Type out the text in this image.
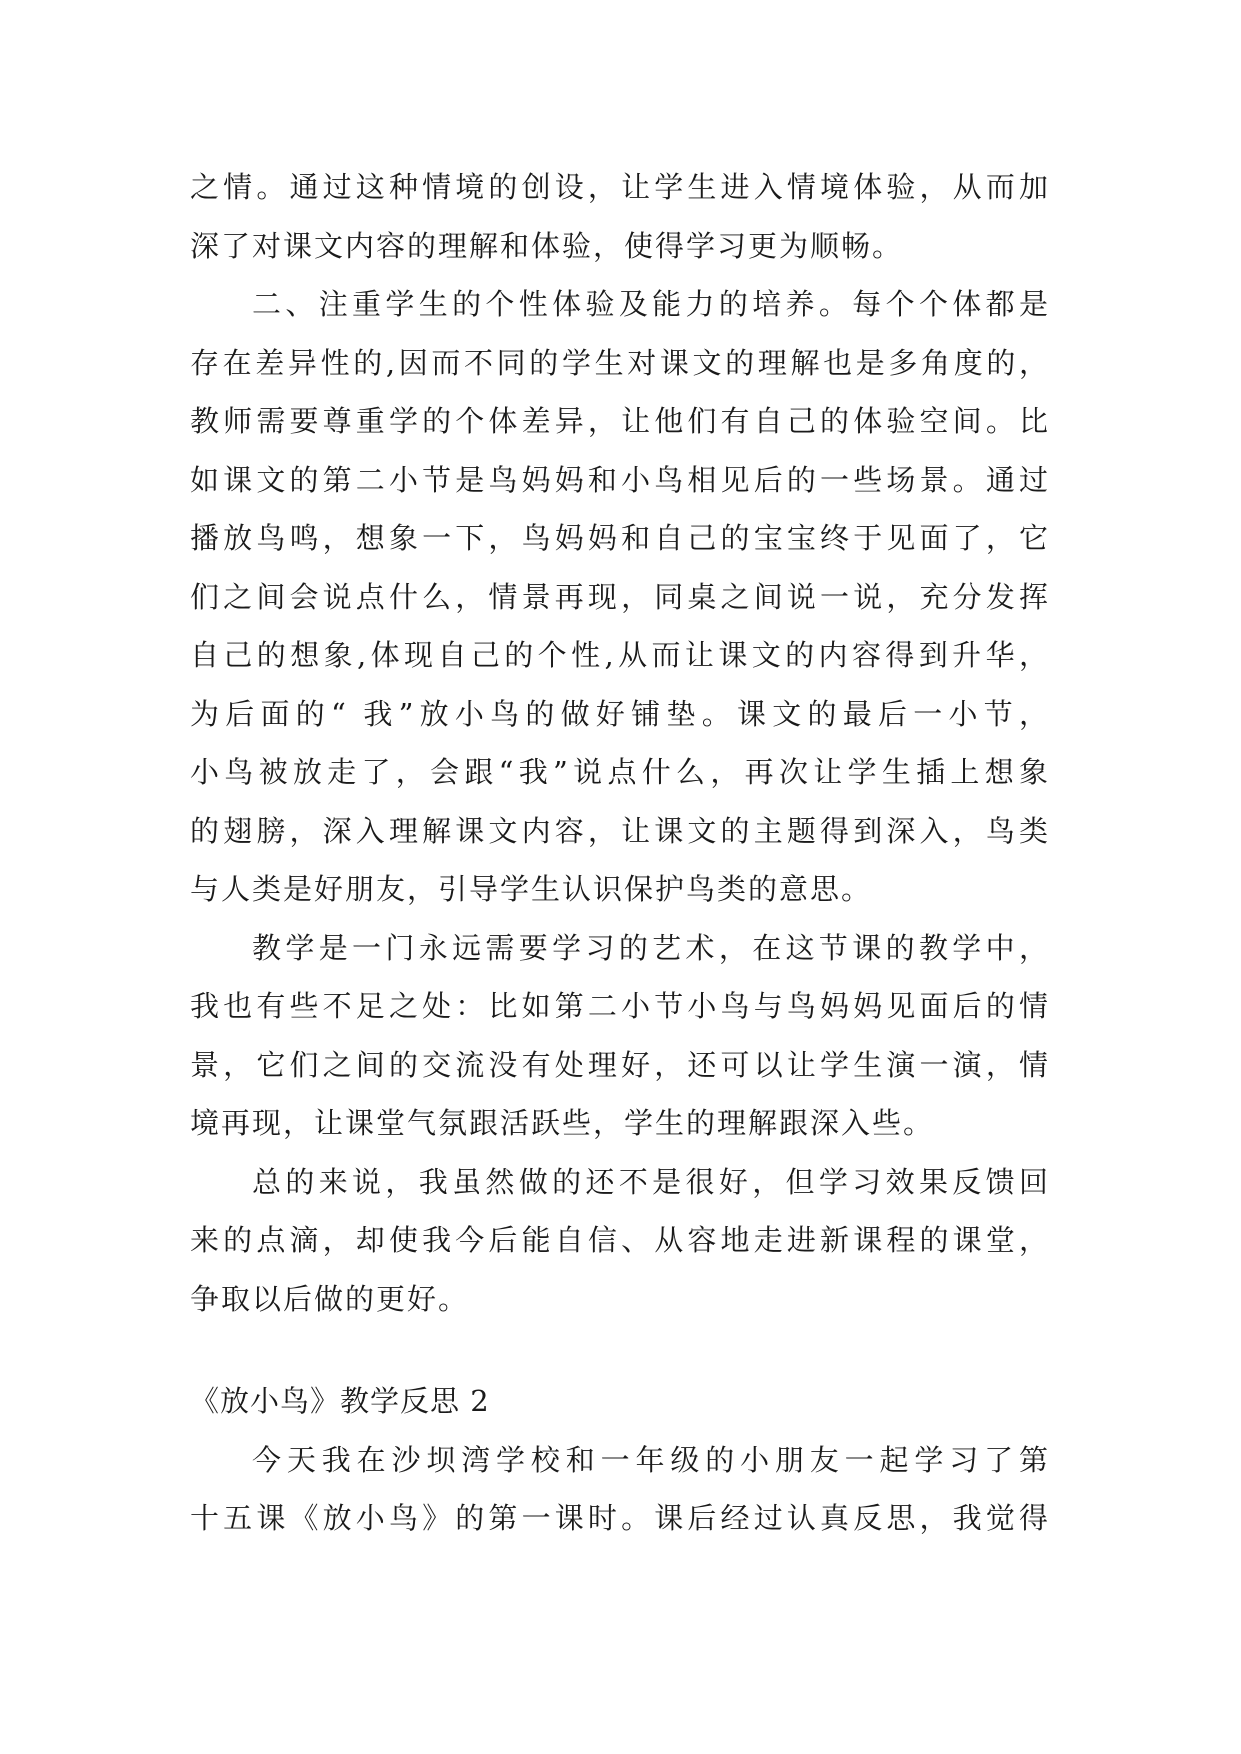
之情。通过这种情境的创设，让学生进入情境体验，从而加
深了对课文内容的理解和体验，使得学习更为顺畅。
二、注重学生的个性体验及能力的培养。每个个体都是
存在差异性的,因而不同的学生对课文的理解也是多角度的，
教师需要尊重学的个体差异，让他们有自己的体验空间。比
如课文的第二小节是鸟妈妈和小鸟相见后的一些场景。通过
播放鸟鸣，想象一下，鸟妈妈和自己的宝宝终于见面了，它
们之间会说点什么，情景再现，同桌之间说一说，充分发挥
自己的想象,体现自己的个性,从而让课文的内容得到升华，
为后面的“ 我”放小鸟的做好铺垫。课文的最后一小节，
小鸟被放走了，会跟“我”说点什么，再次让学生插上想象
的翅膀，深入理解课文内容，让课文的主题得到深入，鸟类
与人类是好朋友，引导学生认识保护鸟类的意思。
教学是一门永远需要学习的艺术，在这节课的教学中，
我也有些不足之处：比如第二小节小鸟与鸟妈妈见面后的情
景，它们之间的交流没有处理好，还可以让学生演一演，情
境再现，让课堂气氛跟活跃些，学生的理解跟深入些。
总的来说，我虽然做的还不是很好，但学习效果反馈回
来的点滴，却使我今后能自信、从容地走进新课程的课堂，
争取以后做的更好。
《放小鸟》教学反思 2
今天我在沙坝湾学校和一年级的小朋友一起学习了第
十五课《放小鸟》的第一课时。课后经过认真反思，我觉得
